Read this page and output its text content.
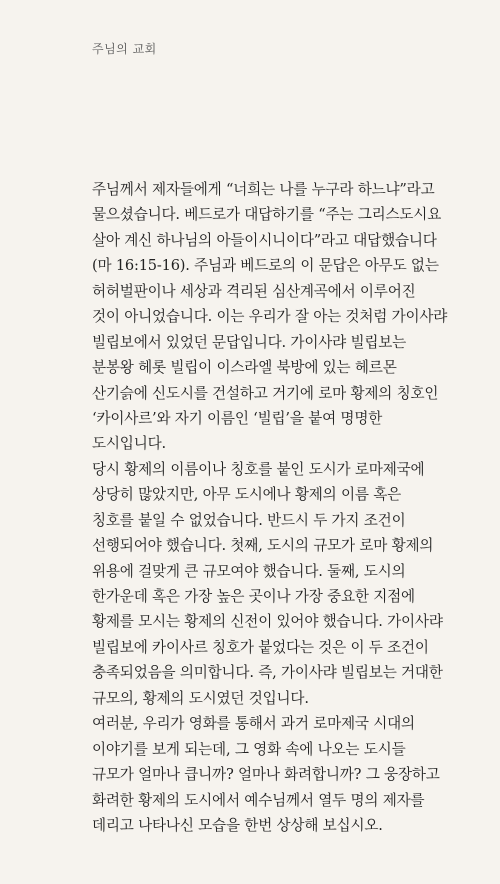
주님의 교회
주님께서 제자들에게 “너희는 나를 누구라 하느냐”라고
물으셨습니다. 베드로가 대답하기를 “주는 그리스도시요
살아 계신 하나님의 아들이시니이다”라고 대답했습니다
(마 16:15-16). 주님과 베드로의 이 문답은 아무도 없는
허허벌판이나 세상과 격리된 심산계곡에서 이루어진
것이 아니었습니다. 이는 우리가 잘 아는 것처럼 가이사랴
빌립보에서 있었던 문답입니다. 가이사랴 빌립보는
분봉왕 헤롯 빌립이 이스라엘 북방에 있는 헤르몬
산기슭에 신도시를 건설하고 거기에 로마 황제의 칭호인
‘카이사르’와 자기 이름인 ‘빌립’을 붙여 명명한
도시입니다.
당시 황제의 이름이나 칭호를 붙인 도시가 로마제국에
상당히 많았지만, 아무 도시에나 황제의 이름 혹은
칭호를 붙일 수 없었습니다. 반드시 두 가지 조건이
선행되어야 했습니다. 첫째, 도시의 규모가 로마 황제의
위용에 걸맞게 큰 규모여야 했습니다. 둘째, 도시의
한가운데 혹은 가장 높은 곳이나 가장 중요한 지점에
황제를 모시는 황제의 신전이 있어야 했습니다. 가이사랴
빌립보에 카이사르 칭호가 붙었다는 것은 이 두 조건이
충족되었음을 의미합니다. 즉, 가이사랴 빌립보는 거대한
규모의, 황제의 도시였던 것입니다.
여러분, 우리가 영화를 통해서 과거 로마제국 시대의
이야기를 보게 되는데, 그 영화 속에 나오는 도시들
규모가 얼마나 큽니까? 얼마나 화려합니까? 그 웅장하고
화려한 황제의 도시에서 예수님께서 열두 명의 제자를
데리고 나타나신 모습을 한번 상상해 보십시오.
